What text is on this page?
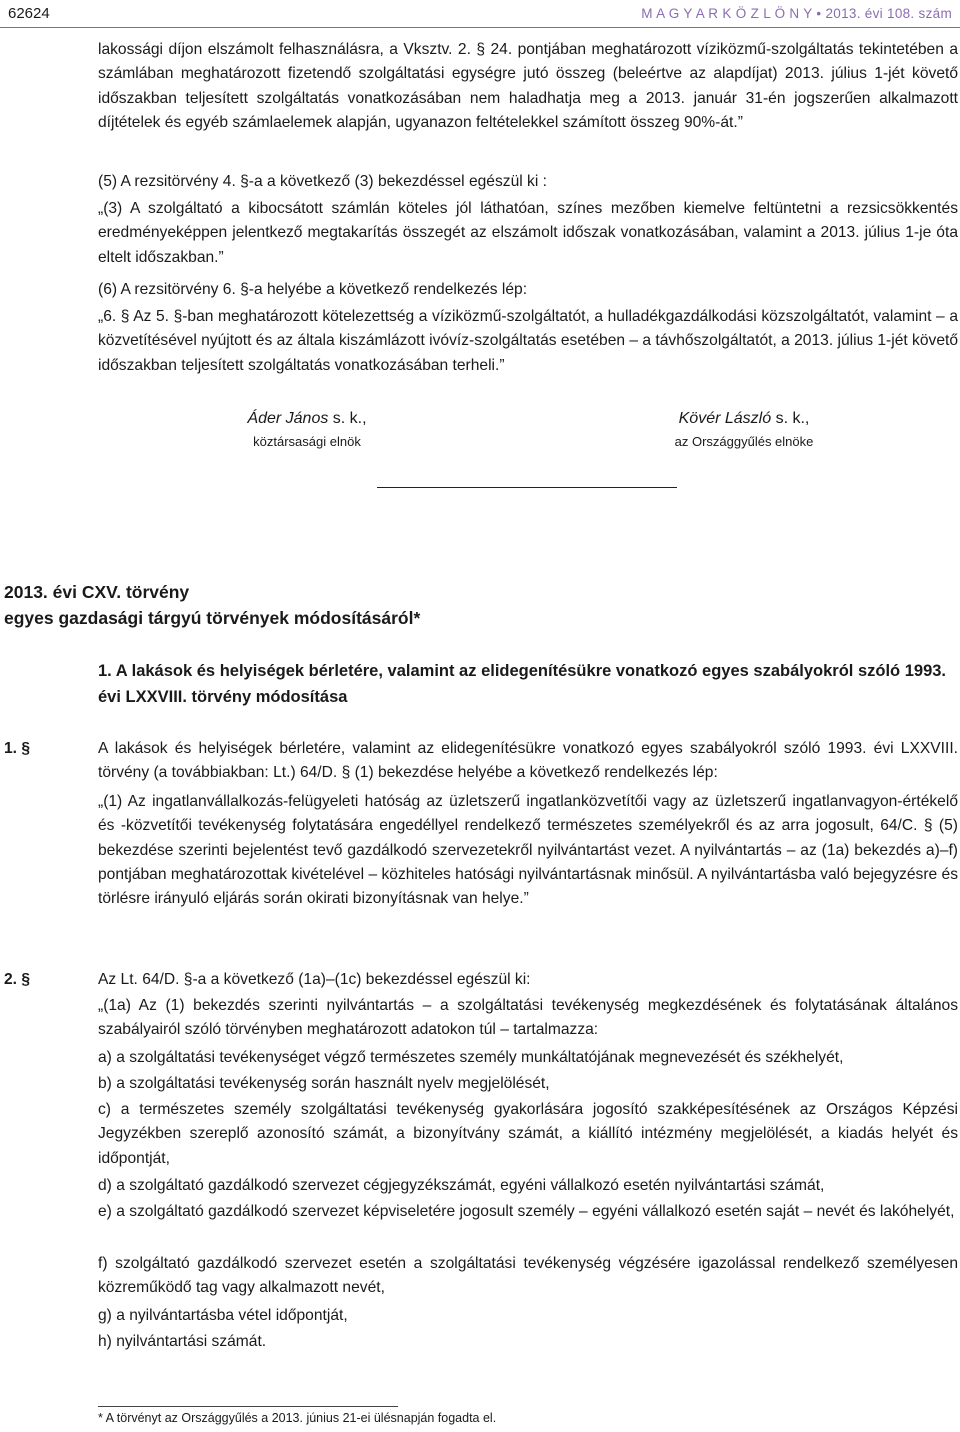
62624	M A G Y A R K Ö Z L Ö N Y • 2013. évi 108. szám

lakossági díjon elszámolt felhasználásra, a Vksztv. 2. § 24. pontjában meghatározott víziközmű-szolgáltatás tekintetében a számlában meghatározott fizetendő szolgáltatási egységre jutó összeg (beleértve az alapdíjat) 2013. július 1-jét követő időszakban teljesített szolgáltatás vonatkozásában nem haladhatja meg a 2013. január 31-én jogszerűen alkalmazott díjtételek és egyéb számlaelemek alapján, ugyanazon feltételekkel számított összeg 90%-át.”

(5) A rezsitörvény 4. §-a a következő (3) bekezdéssel egészül ki :

„(3) A szolgáltató a kibocsátott számlán köteles jól láthatóan, színes mezőben kiemelve feltüntetni a rezsicsökkentés eredményeképpen jelentkező megtakarítás összegét az elszámolt időszak vonatkozásában, valamint a 2013. július 1-je óta eltelt időszakban.”

(6) A rezsitörvény 6. §-a helyébe a következő rendelkezés lép:

„6. § Az 5. §-ban meghatározott kötelezettség a víziközmű-szolgáltatót, a hulladékgazdálkodási közszolgáltatót, valamint – a közvetítésével nyújtott és az általa kiszámlázott ivóvíz-szolgáltatás esetében – a távhőszolgáltatót, a 2013. július 1-jét követő időszakban teljesített szolgáltatás vonatkozásában terheli.”

Áder János s. k.,
köztársasági elnök
Kövér László s. k.,
az Országgyűlés elnöke
2013. évi CXV. törvény
egyes gazdasági tárgyú törvények módosításáról*
1. A lakások és helyiségek bérletére, valamint az elidegenítésükre vonatkozó egyes szabályokról szóló 1993. évi LXXVIII. törvény módosítása
1. §	A lakások és helyiségek bérletére, valamint az elidegenítésükre vonatkozó egyes szabályokról szóló 1993. évi LXXVIII. törvény (a továbbiakban: Lt.) 64/D. § (1) bekezdése helyébe a következő rendelkezés lép:

„(1) Az ingatlanvállalkozás-felügyeleti hatóság az üzletszerű ingatlanközvetítői vagy az üzletszerű ingatlanvagyon-értékelő és -közvetítői tevékenység folytatására engedéllyel rendelkező természetes személyekről és az arra jogosult, 64/C. § (5) bekezdése szerinti bejelentést tevő gazdálkodó szervezetekről nyilvántartást vezet. A nyilvántartás – az (1a) bekezdés a)–f) pontjában meghatározottak kivételével – közhiteles hatósági nyilvántartásnak minősül. A nyilvántartásba való bejegyzésre és törlésre irányuló eljárás során okirati bizonyításnak van helye.”

2. §	Az Lt. 64/D. §-a a következő (1a)–(1c) bekezdéssel egészül ki:

„(1a) Az (1) bekezdés szerinti nyilvántartás – a szolgáltatási tevékenység megkezdésének és folytatásának általános szabályairól szóló törvényben meghatározott adatokon túl – tartalmazza:

a) a szolgáltatási tevékenységet végző természetes személy munkáltatójának megnevezését és székhelyét,

b) a szolgáltatási tevékenység során használt nyelv megjelölését,

c) a természetes személy szolgáltatási tevékenység gyakorlására jogosító szakképesítésének az Országos Képzési Jegyzékben szereplő azonosító számát, a bizonyítvány számát, a kiállító intézmény megjelölését, a kiadás helyét és időpontját,

d) a szolgáltató gazdálkodó szervezet cégjegyzékszámát, egyéni vállalkozó esetén nyilvántartási számát,

e) a szolgáltató gazdálkodó szervezet képviseletére jogosult személy – egyéni vállalkozó esetén saját – nevét és lakóhelyét,

f) szolgáltató gazdálkodó szervezet esetén a szolgáltatási tevékenység végzésére igazolással rendelkező személyesen közreműködő tag vagy alkalmazott nevét,

g) a nyilvántartásba vétel időpontját,

h) nyilvántartási számát.

* A törvényt az Országgyűlés a 2013. június 21-ei ülésnapján fogadta el.
